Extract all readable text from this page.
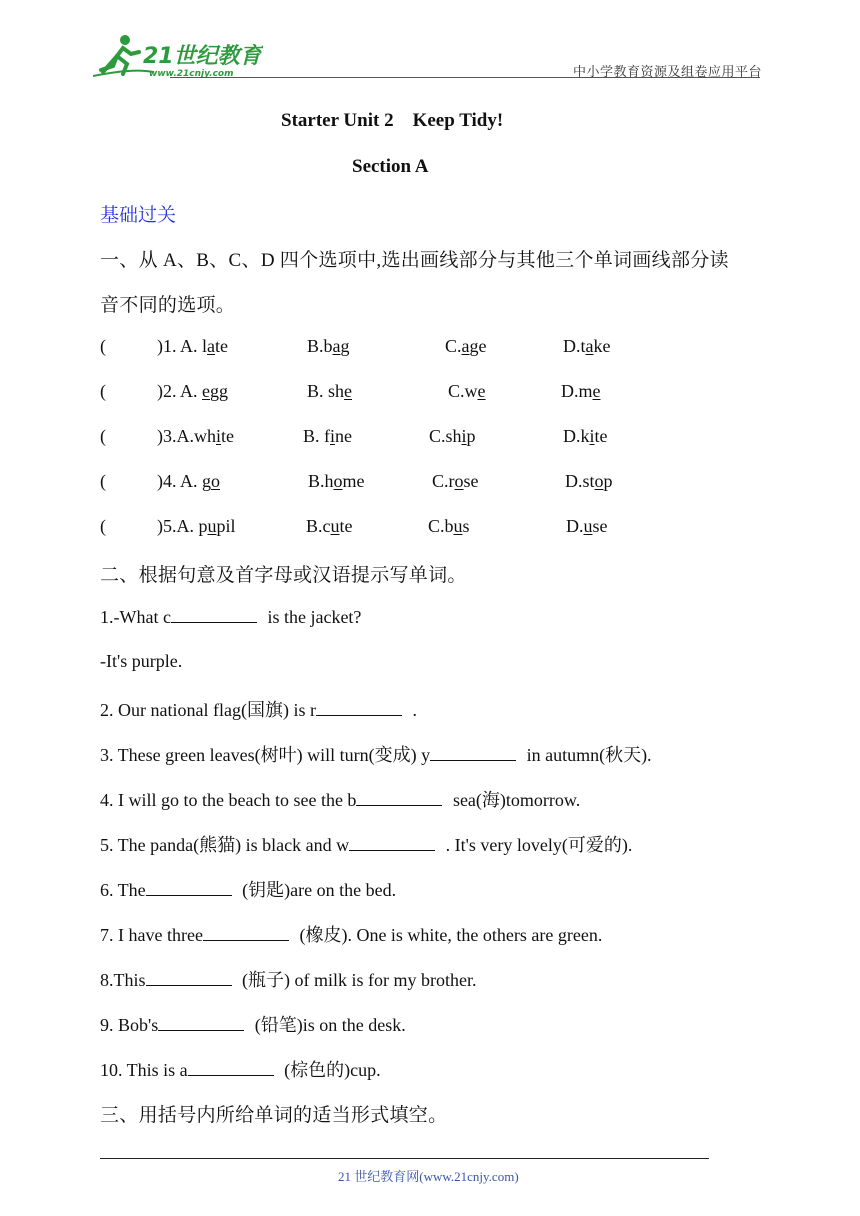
21世纪教育
www.21cnjy.com	中小学教育资源及组卷应用平台
Starter Unit 2    Keep Tidy!
Section A
基础过关
一、从 A、B、C、D 四个选项中,选出画线部分与其他三个单词画线部分读
音不同的选项。
(	)1. A. late	B.bag	C.age	D.take
(	)2. A. egg	B. she	C.we	D.me
(	)3.A.white	B. fine	C.ship	D.kite
(	)4. A. go	B.home	C.rose	D.stop
(	)5.A. pupil	B.cute	C.bus	D.use
二、根据句意及首字母或汉语提示写单词。
1.-What c	is the jacket?
-It's purple.
2. Our national flag(国旗) is r	.
3. These green leaves(树叶) will turn(变成) y	in autumn(秋天).
4. I will go to the beach to see the b	sea(海)tomorrow.
5. The panda(熊猫) is black and w	. It's very lovely(可爱的).
6. The	(钥匙)are on the bed.
7. I have three	(橡皮). One is white, the others are green.
8.This	(瓶子) of milk is for my brother.
9. Bob's	(铅笔)is on the desk.
10. This is a	(棕色的)cup.
三、用括号内所给单词的适当形式填空。
21 世纪教育网(www.21cnjy.com)
